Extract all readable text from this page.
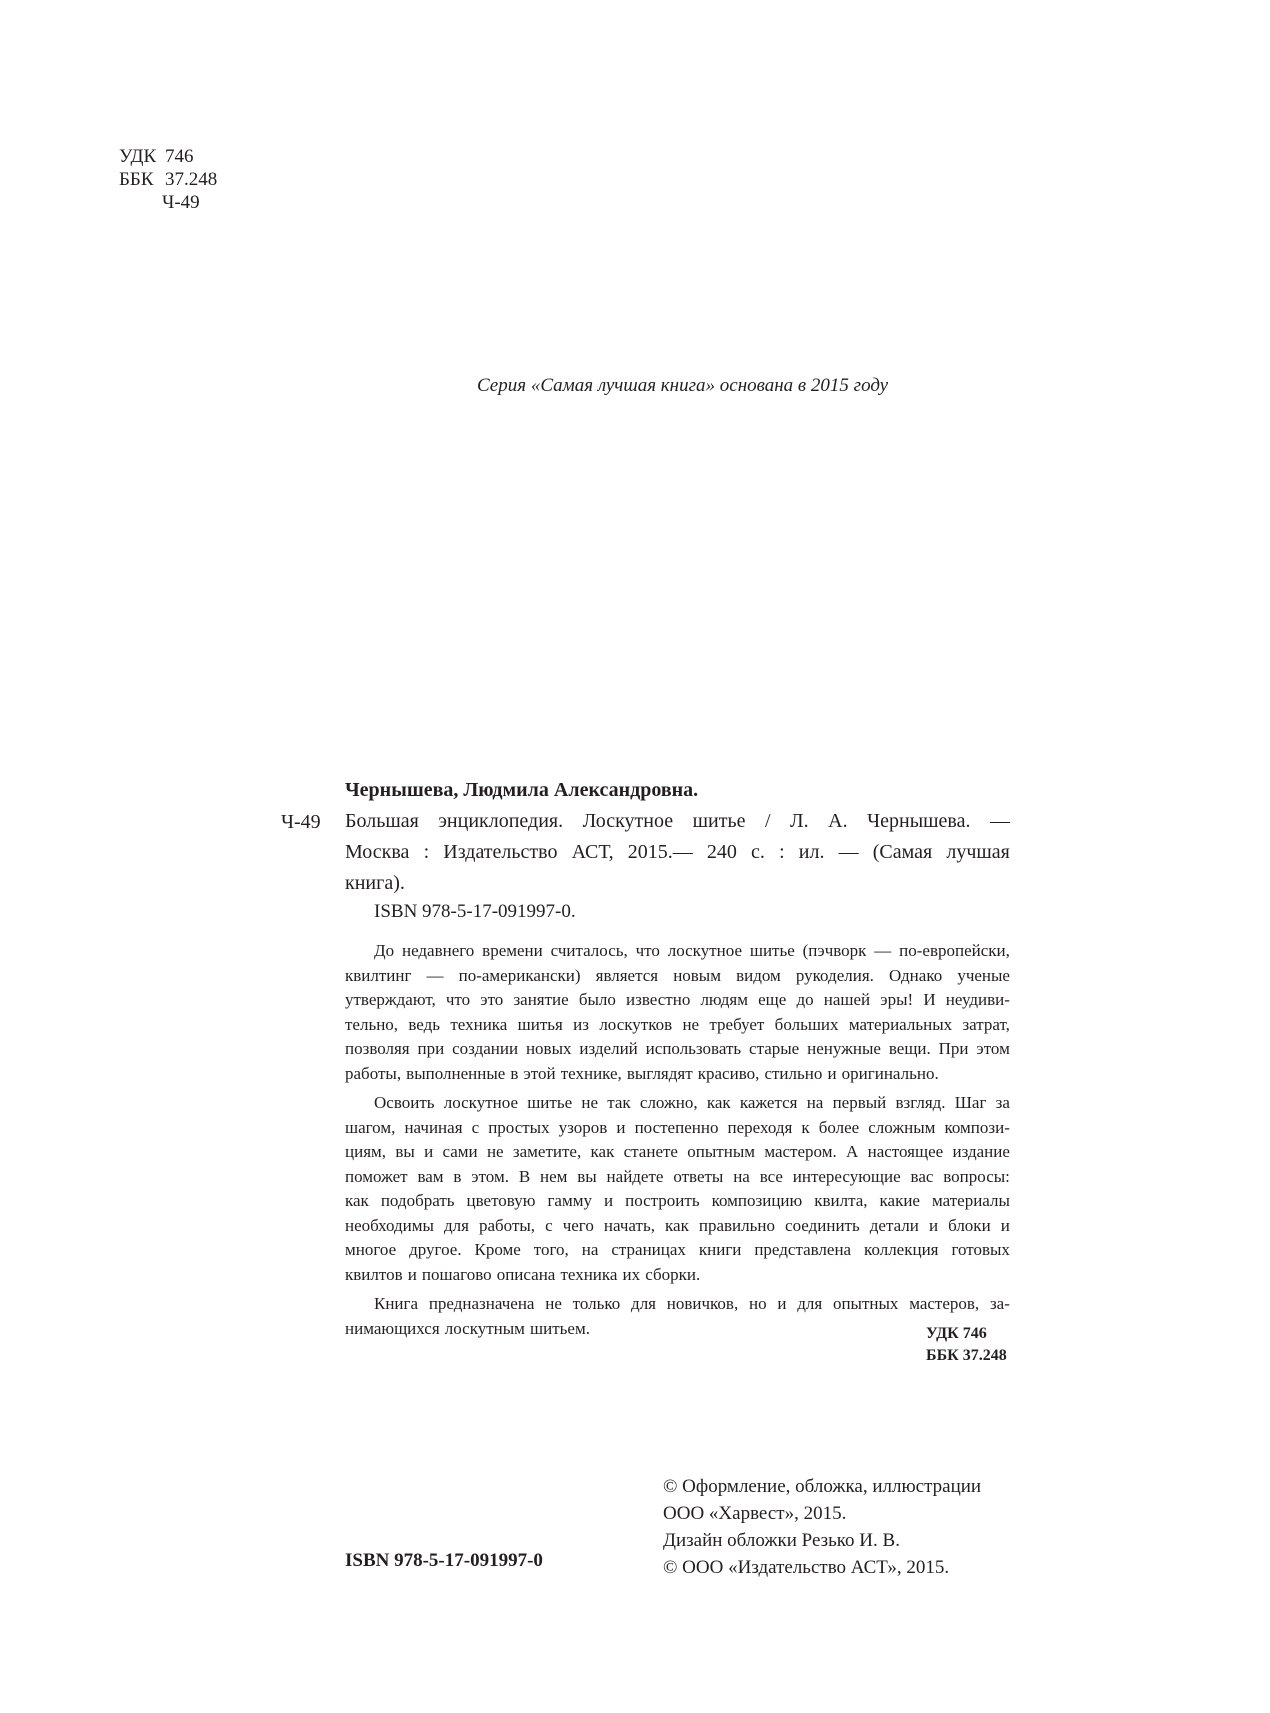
УДК 746
ББК 37.248
Ч-49
Серия «Самая лучшая книга» основана в 2015 году
Чернышева, Людмила Александровна.
Ч-49 Большая энциклопедия. Лоскутное шитье / Л. А. Чернышева. —
Москва : Издательство АСТ, 2015.— 240 с. : ил. — (Самая лучшая
книга).
ISBN 978-5-17-091997-0.
До недавнего времени считалось, что лоскутное шитье (пэчворк — по-европейски,
квилтинг — по-американски) является новым видом рукоделия. Однако ученые
утверждают, что это занятие было известно людям еще до нашей эры! И неудиви-
тельно, ведь техника шитья из лоскутков не требует больших материальных затрат,
позволяя при создании новых изделий использовать старые ненужные вещи. При этом
работы, выполненные в этой технике, выглядят красиво, стильно и оригинально.
Освоить лоскутное шитье не так сложно, как кажется на первый взгляд. Шаг за
шагом, начиная с простых узоров и постепенно переходя к более сложным компози-
циям, вы и сами не заметите, как станете опытным мастером. А настоящее издание
поможет вам в этом. В нем вы найдете ответы на все интересующие вас вопросы:
как подобрать цветовую гамму и построить композицию квилта, какие материалы
необходимы для работы, с чего начать, как правильно соединить детали и блоки и
многое другое. Кроме того, на страницах книги представлена коллекция готовых
квилтов и пошагово описана техника их сборки.
Книга предназначена не только для новичков, но и для опытных мастеров, за-
нимающихся лоскутным шитьем.	УДК 746
ББК 37.248
ISBN 978-5-17-091997-0
© Оформление, обложка, иллюстрации
ООО «Харвест», 2015.
Дизайн обложки Резько И. В.
© ООО «Издательство АСТ», 2015.
